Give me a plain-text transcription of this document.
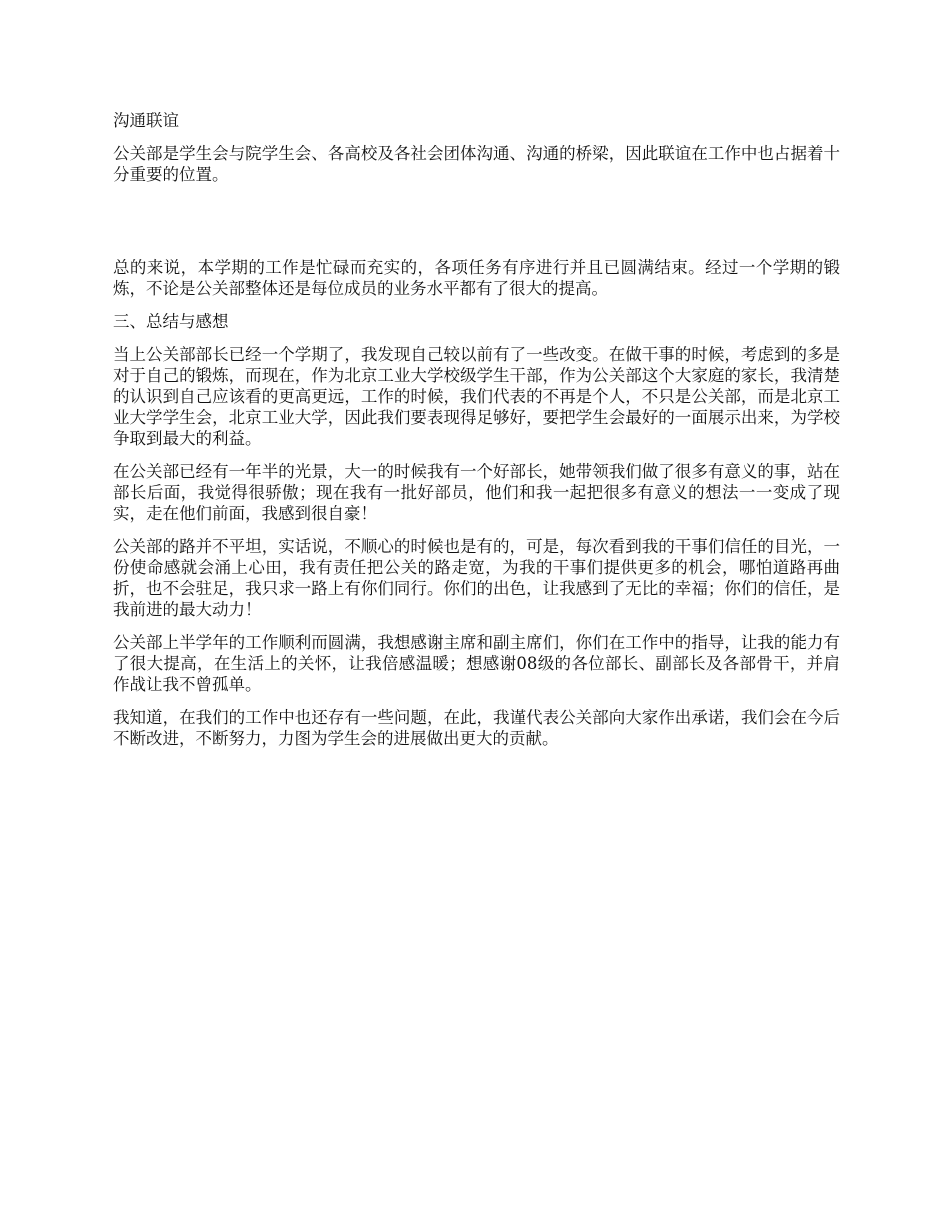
沟通联谊

公关部是学生会与院学生会、各高校及各社会团体沟通、沟通的桥梁，因此联谊在工作中也占据着十分重要的位置。

总的来说，本学期的工作是忙碌而充实的，各项任务有序进行并且已圆满结束。经过一个学期的锻炼，不论是公关部整体还是每位成员的业务水平都有了很大的提高。

三、总结与感想

当上公关部部长已经一个学期了，我发现自己较以前有了一些改变。在做干事的时候，考虑到的多是对于自己的锻炼，而现在，作为北京工业大学校级学生干部，作为公关部这个大家庭的家长，我清楚的认识到自己应该看的更高更远，工作的时候，我们代表的不再是个人，不只是公关部，而是北京工业大学学生会，北京工业大学，因此我们要表现得足够好，要把学生会最好的一面展示出来，为学校争取到最大的利益。

在公关部已经有一年半的光景，大一的时候我有一个好部长，她带领我们做了很多有意义的事，站在部长后面，我觉得很骄傲；现在我有一批好部员，他们和我一起把很多有意义的想法一一变成了现实，走在他们前面，我感到很自豪！

公关部的路并不平坦，实话说，不顺心的时候也是有的，可是，每次看到我的干事们信任的目光，一份使命感就会涌上心田，我有责任把公关的路走宽，为我的干事们提供更多的机会，哪怕道路再曲折，也不会驻足，我只求一路上有你们同行。你们的出色，让我感到了无比的幸福；你们的信任，是我前进的最大动力！

公关部上半学年的工作顺利而圆满，我想感谢主席和副主席们，你们在工作中的指导，让我的能力有了很大提高，在生活上的关怀，让我倍感温暖；想感谢08级的各位部长、副部长及各部骨干，并肩作战让我不曾孤单。

我知道，在我们的工作中也还存有一些问题，在此，我谨代表公关部向大家作出承诺，我们会在今后不断改进，不断努力，力图为学生会的进展做出更大的贡献。
